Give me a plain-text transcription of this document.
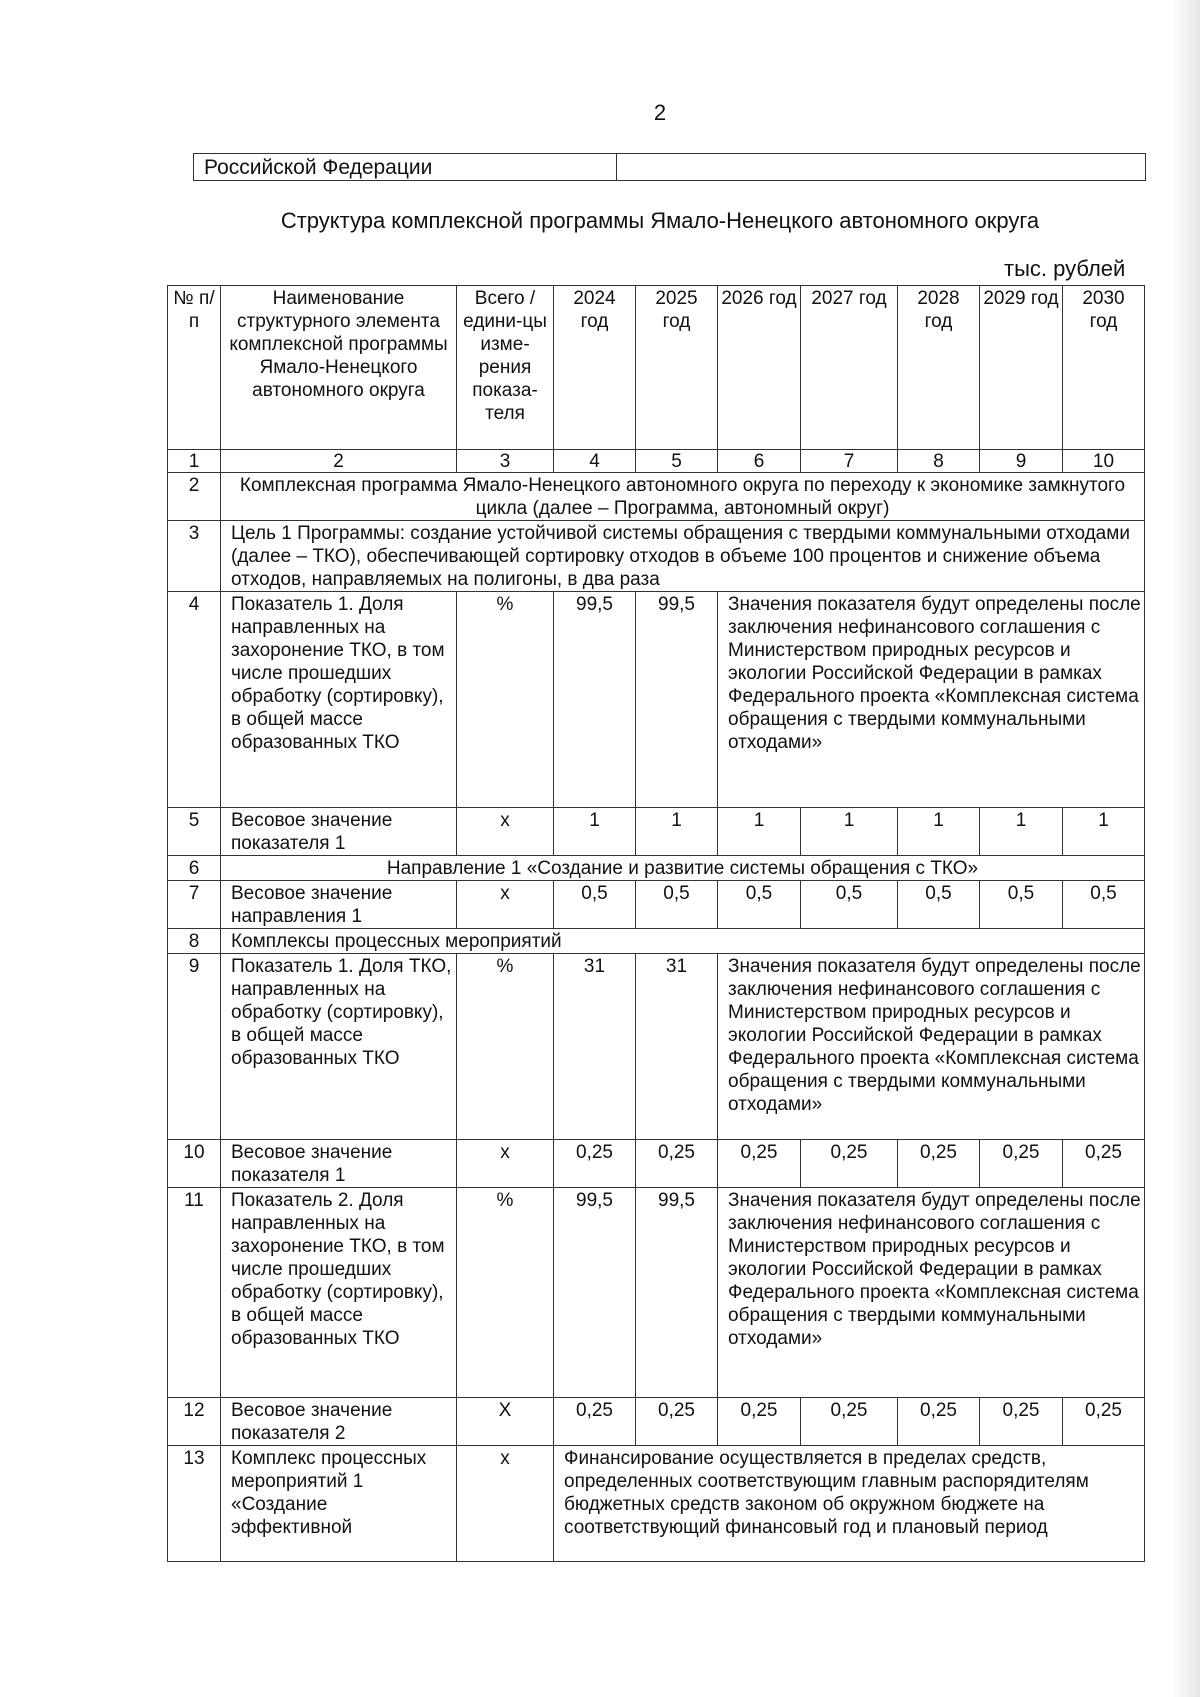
2
Российской Федерации	
Структура комплексной программы Ямало-Ненецкого автономного округа
тыс. рублей
№ п/п	Наименование структурного элемента комплексной программы Ямало-Ненецкого автономного округа	Всего / едини-цы изме-рения показа-теля	2024 год	2025 год	2026 год	2027 год	2028 год	2029 год	2030 год
1	2	3	4	5	6	7	8	9	10
2	Комплексная программа Ямало-Ненецкого автономного округа по переходу к экономике замкнутого цикла (далее – Программа, автономный округ)								
3	Цель 1 Программы: создание устойчивой системы обращения с твердыми коммунальными отходами (далее – ТКО), обеспечивающей сортировку отходов в объеме 100 процентов и снижение объема отходов, направляемых на полигоны, в два раза								
4	Показатель 1. Доля направленных на захоронение ТКО, в том числе прошедших обработку (сортировку), в общей массе образованных ТКО	%	99,5	99,5	Значения показателя будут определены после заключения нефинансового соглашения с Министерством природных ресурсов и экологии Российской Федерации в рамках Федерального проекта «Комплексная система обращения с твердыми коммунальными отходами»				
5	Весовое значение показателя 1	х	1	1	1	1	1	1	1
6	Направление 1 «Создание и развитие системы обращения с ТКО»								
7	Весовое значение направления 1	х	0,5	0,5	0,5	0,5	0,5	0,5	0,5
8	Комплексы процессных мероприятий								
9	Показатель 1. Доля ТКО, направленных на обработку (сортировку), в общей массе образованных ТКО	%	31	31	Значения показателя будут определены после заключения нефинансового соглашения с Министерством природных ресурсов и экологии Российской Федерации в рамках Федерального проекта «Комплексная система обращения с твердыми коммунальными отходами»				
10	Весовое значение показателя 1	х	0,25	0,25	0,25	0,25	0,25	0,25	0,25
11	Показатель 2. Доля направленных на захоронение ТКО, в том числе прошедших обработку (сортировку), в общей массе образованных ТКО	%	99,5	99,5	Значения показателя будут определены после заключения нефинансового соглашения с Министерством природных ресурсов и экологии Российской Федерации в рамках Федерального проекта «Комплексная система обращения с твердыми коммунальными отходами»				
12	Весовое значение показателя 2	Х	0,25	0,25	0,25	0,25	0,25	0,25	0,25
13	Комплекс процессных мероприятий 1 «Создание эффективной	х	Финансирование осуществляется в пределах средств, определенных соответствующим главным распорядителям бюджетных средств законом об окружном бюджете на соответствующий финансовый год и плановый период						
